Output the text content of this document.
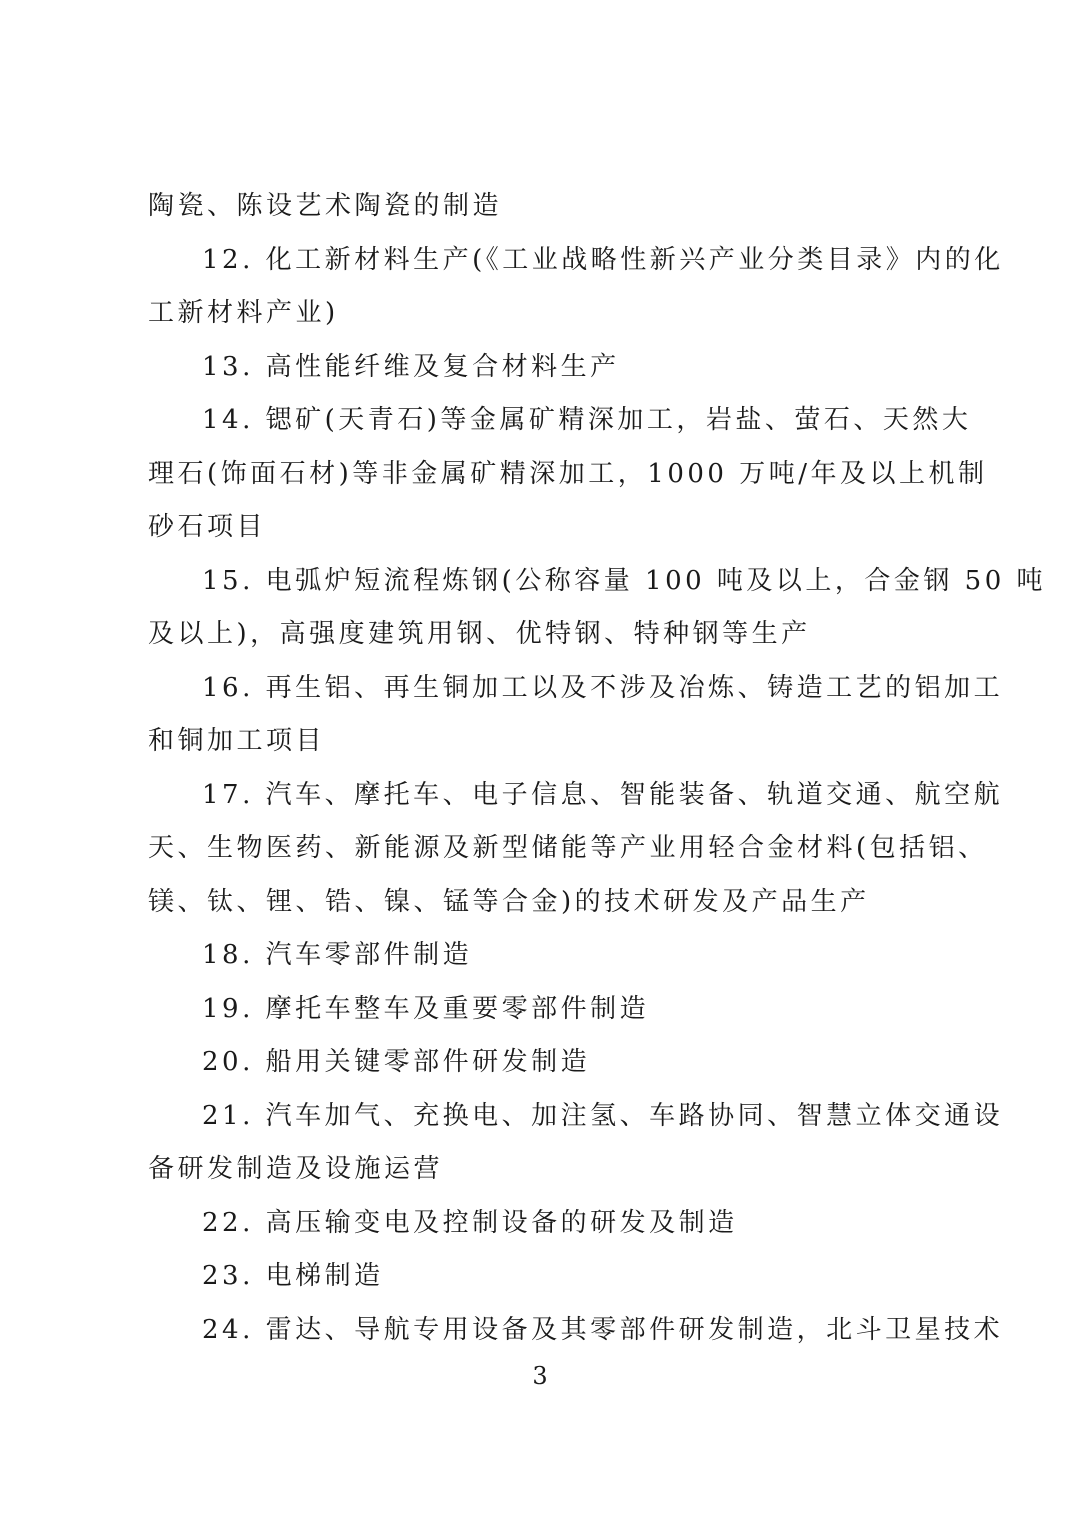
陶瓷、陈设艺术陶瓷的制造
12. 化工新材料生产(《工业战略性新兴产业分类目录》内的化
工新材料产业)
13. 高性能纤维及复合材料生产
14. 锶矿(天青石)等金属矿精深加工，岩盐、萤石、天然大
理石(饰面石材)等非金属矿精深加工，1000 万吨/年及以上机制
砂石项目
15. 电弧炉短流程炼钢(公称容量 100 吨及以上，合金钢 50 吨
及以上)，高强度建筑用钢、优特钢、特种钢等生产
16. 再生铝、再生铜加工以及不涉及冶炼、铸造工艺的铝加工
和铜加工项目
17. 汽车、摩托车、电子信息、智能装备、轨道交通、航空航
天、生物医药、新能源及新型储能等产业用轻合金材料(包括铝、
镁、钛、锂、锆、镍、锰等合金)的技术研发及产品生产
18. 汽车零部件制造
19. 摩托车整车及重要零部件制造
20. 船用关键零部件研发制造
21. 汽车加气、充换电、加注氢、车路协同、智慧立体交通设
备研发制造及设施运营
22. 高压输变电及控制设备的研发及制造
23. 电梯制造
24. 雷达、导航专用设备及其零部件研发制造，北斗卫星技术
3
